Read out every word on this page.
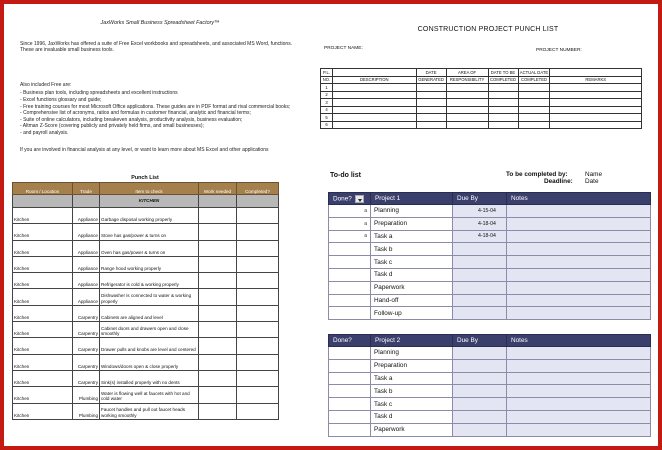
JaxWorks Small Business Spreadsheet Factory™

Since 1996, JaxWorks has offered a suite of Free Excel workbooks and spreadsheets, and associated MS Word, functions. These are invaluable small business tools.

Also included Free are:

- Business plan tools, including spreadsheets and excellent instructions
- Excel functions glossary and guide;
- Free training courses for most Microsoft Office applications. These guides are in PDF format and rival commercial books;
- Comprehensive list of acronyms, ratios and formulas in customer financial, analytic and financial terms;
- Suite of online calculators, including breakeven analysis, productivity analysis, business evaluation;
- Altman Z-Score (covering publicly and privately held firms, and small businesses);
- and payroll analysis.

If you are involved in financial analysis at any level, or want to learn more about MS Excel and other applications

CONSTRUCTION PROJECT PUNCH LIST
PROJECT NAME:	PROJECT NUMBER:
P.L.		DATE	AREA OF	DATE TO BE	ACTUAL DATE	
NO.	DESCRIPTION	GENERATED	RESPONSIBILITY	COMPLETED	COMPLETED	REMARKS
1						
2						
3						
4						
5						
6						
Punch List
Room / Location	Trade	Item to check	Work needed	Completed?
		KITCHEN		
Kitchen	Appliance	Garbage disposal working properly		
Kitchen	Appliance	Stove has gas/power & turns on		
Kitchen	Appliance	Oven has gas/power & turns on		
Kitchen	Appliance	Range hood working properly		
Kitchen	Appliance	Refrigerator is cold & working properly		
Kitchen	Appliance	Dishwasher is connected to water & working properly		
Kitchen	Carpentry	Cabinets are aligned and level		
Kitchen	Carpentry	Cabinet doors and drawers open and close smoothly		
Kitchen	Carpentry	Drawer pulls and knobs are level and centered		
Kitchen	Carpentry	Windows/doors open & close properly		
Kitchen	Carpentry	Sink(s) installed properly with no dents		
Kitchen	Plumbing	Water is flowing well at faucets with hot and cold water		
Kitchen	Plumbing	Faucet handles and pull out faucet heads working smoothly		
To-do list	To be completed by:	Name
Deadline: Date
Done?	Project 1	Due By	Notes
a	Planning	4-15-04	
a	Preparation	4-18-04	
a	Task a	4-18-04	
	Task b		
	Task c		
	Task d		
	Paperwork		
	Hand-off		
	Follow-up		
Done?	Project 2	Due By	Notes
	Planning		
	Preparation		
	Task a		
	Task b		
	Task c		
	Task d		
	Paperwork		
